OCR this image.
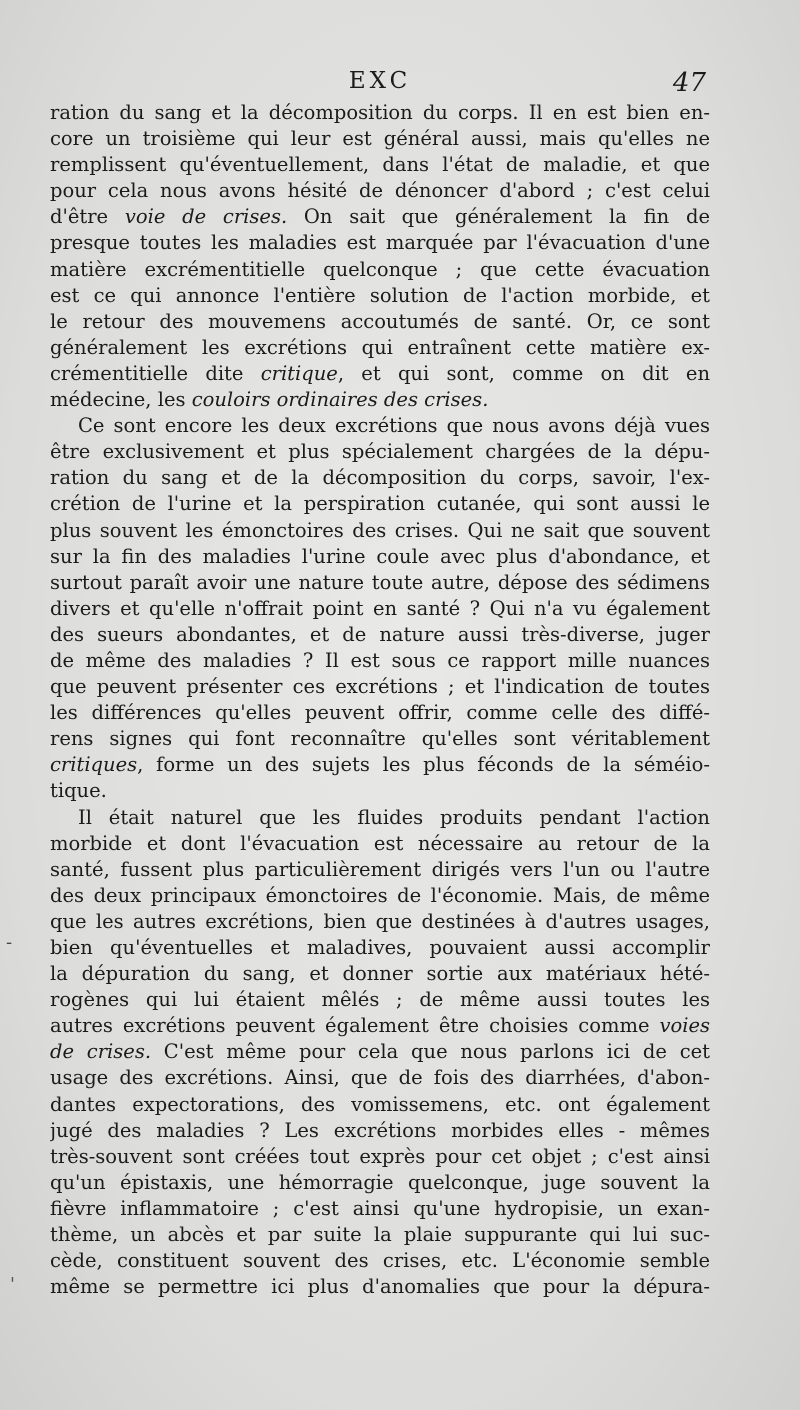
EXC	47
ration du sang et la décomposition du corps. Il en est bien en-
core un troisième qui leur est général aussi, mais qu'elles ne
remplissent qu'éventuellement, dans l'état de maladie, et que
pour cela nous avons hésité de dénoncer d'abord ; c'est celui
d'être voie de crises. On sait que généralement la fin de
presque toutes les maladies est marquée par l'évacuation d'une
matière excrémentitielle quelconque ; que cette évacuation
est ce qui annonce l'entière solution de l'action morbide, et
le retour des mouvemens accoutumés de santé. Or, ce sont
généralement les excrétions qui entraînent cette matière ex-
crémentitielle dite critique, et qui sont, comme on dit en
médecine, les couloirs ordinaires des crises.
Ce sont encore les deux excrétions que nous avons déjà vues
être exclusivement et plus spécialement chargées de la dépu-
ration du sang et de la décomposition du corps, savoir, l'ex-
crétion de l'urine et la perspiration cutanée, qui sont aussi le
plus souvent les émonctoires des crises. Qui ne sait que souvent
sur la fin des maladies l'urine coule avec plus d'abondance, et
surtout paraît avoir une nature toute autre, dépose des sédimens
divers et qu'elle n'offrait point en santé ? Qui n'a vu également
des sueurs abondantes, et de nature aussi très-diverse, juger
de même des maladies ? Il est sous ce rapport mille nuances
que peuvent présenter ces excrétions ; et l'indication de toutes
les différences qu'elles peuvent offrir, comme celle des diffé-
rens signes qui font reconnaître qu'elles sont véritablement
critiques, forme un des sujets les plus féconds de la séméio-
tique.
Il était naturel que les fluides produits pendant l'action
morbide et dont l'évacuation est nécessaire au retour de la
santé, fussent plus particulièrement dirigés vers l'un ou l'autre
des deux principaux émonctoires de l'économie. Mais, de même
que les autres excrétions, bien que destinées à d'autres usages,
bien qu'éventuelles et maladives, pouvaient aussi accomplir
la dépuration du sang, et donner sortie aux matériaux hété-
rogènes qui lui étaient mêlés ; de même aussi toutes les
autres excrétions peuvent également être choisies comme voies
de crises. C'est même pour cela que nous parlons ici de cet
usage des excrétions. Ainsi, que de fois des diarrhées, d'abon-
dantes expectorations, des vomissemens, etc. ont également
jugé des maladies ? Les excrétions morbides elles - mêmes
très-souvent sont créées tout exprès pour cet objet ; c'est ainsi
qu'un épistaxis, une hémorragie quelconque, juge souvent la
fièvre inflammatoire ; c'est ainsi qu'une hydropisie, un exan-
thème, un abcès et par suite la plaie suppurante qui lui suc-
cède, constituent souvent des crises, etc. L'économie semble
même se permettre ici plus d'anomalies que pour la dépura-
-
'
